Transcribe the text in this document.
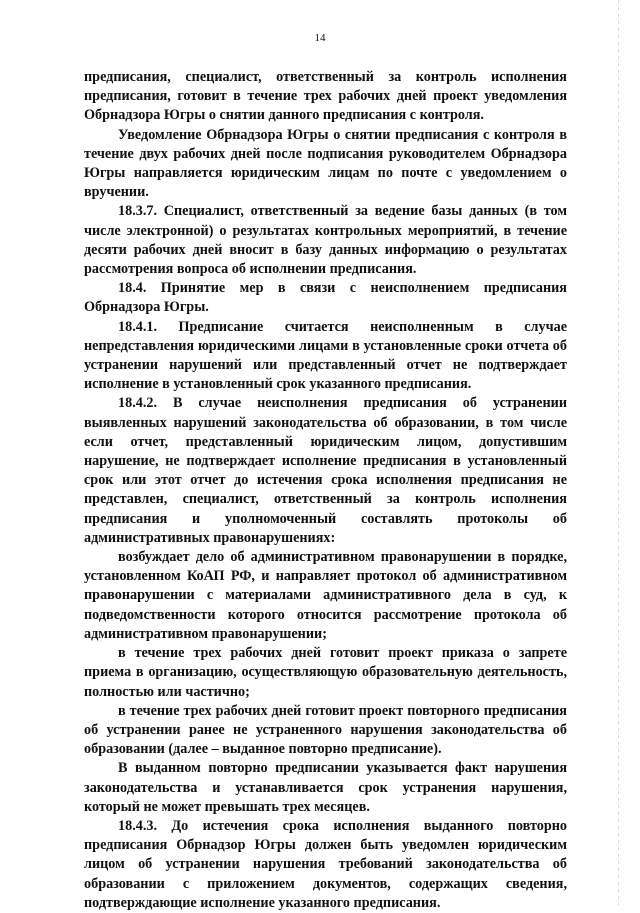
14

предписания, специалист, ответственный за контроль исполнения предписания, готовит в течение трех рабочих дней проект уведомления Обрнадзора Югры о снятии данного предписания с контроля.

Уведомление Обрнадзора Югры о снятии предписания с контроля в течение двух рабочих дней после подписания руководителем Обрнадзора Югры направляется юридическим лицам по почте с уведомлением о вручении.

18.3.7. Специалист, ответственный за ведение базы данных (в том числе электронной) о результатах контрольных мероприятий, в течение десяти рабочих дней вносит в базу данных информацию о результатах рассмотрения вопроса об исполнении предписания.

18.4. Принятие мер в связи с неисполнением предписания Обрнадзора Югры.

18.4.1. Предписание считается неисполненным в случае непредставления юридическими лицами в установленные сроки отчета об устранении нарушений или представленный отчет не подтверждает исполнение в установленный срок указанного предписания.

18.4.2. В случае неисполнения предписания об устранении выявленных нарушений законодательства об образовании, в том числе если отчет, представленный юридическим лицом, допустившим нарушение, не подтверждает исполнение предписания в установленный срок или этот отчет до истечения срока исполнения предписания не представлен, специалист, ответственный за контроль исполнения предписания и уполномоченный составлять протоколы об административных правонарушениях:

возбуждает дело об административном правонарушении в порядке, установленном КоАП РФ, и направляет протокол об административном правонарушении с материалами административного дела в суд, к подведомственности которого относится рассмотрение протокола об административном правонарушении;

в течение трех рабочих дней готовит проект приказа о запрете приема в организацию, осуществляющую образовательную деятельность, полностью или частично;

в течение трех рабочих дней готовит проект повторного предписания об устранении ранее не устраненного нарушения законодательства об образовании (далее – выданное повторно предписание).

В выданном повторно предписании указывается факт нарушения законодательства и устанавливается срок устранения нарушения, который не может превышать трех месяцев.

18.4.3. До истечения срока исполнения выданного повторно предписания Обрнадзор Югры должен быть уведомлен юридическим лицом об устранении нарушения требований законодательства об образовании с приложением документов, содержащих сведения, подтверждающие исполнение указанного предписания.
